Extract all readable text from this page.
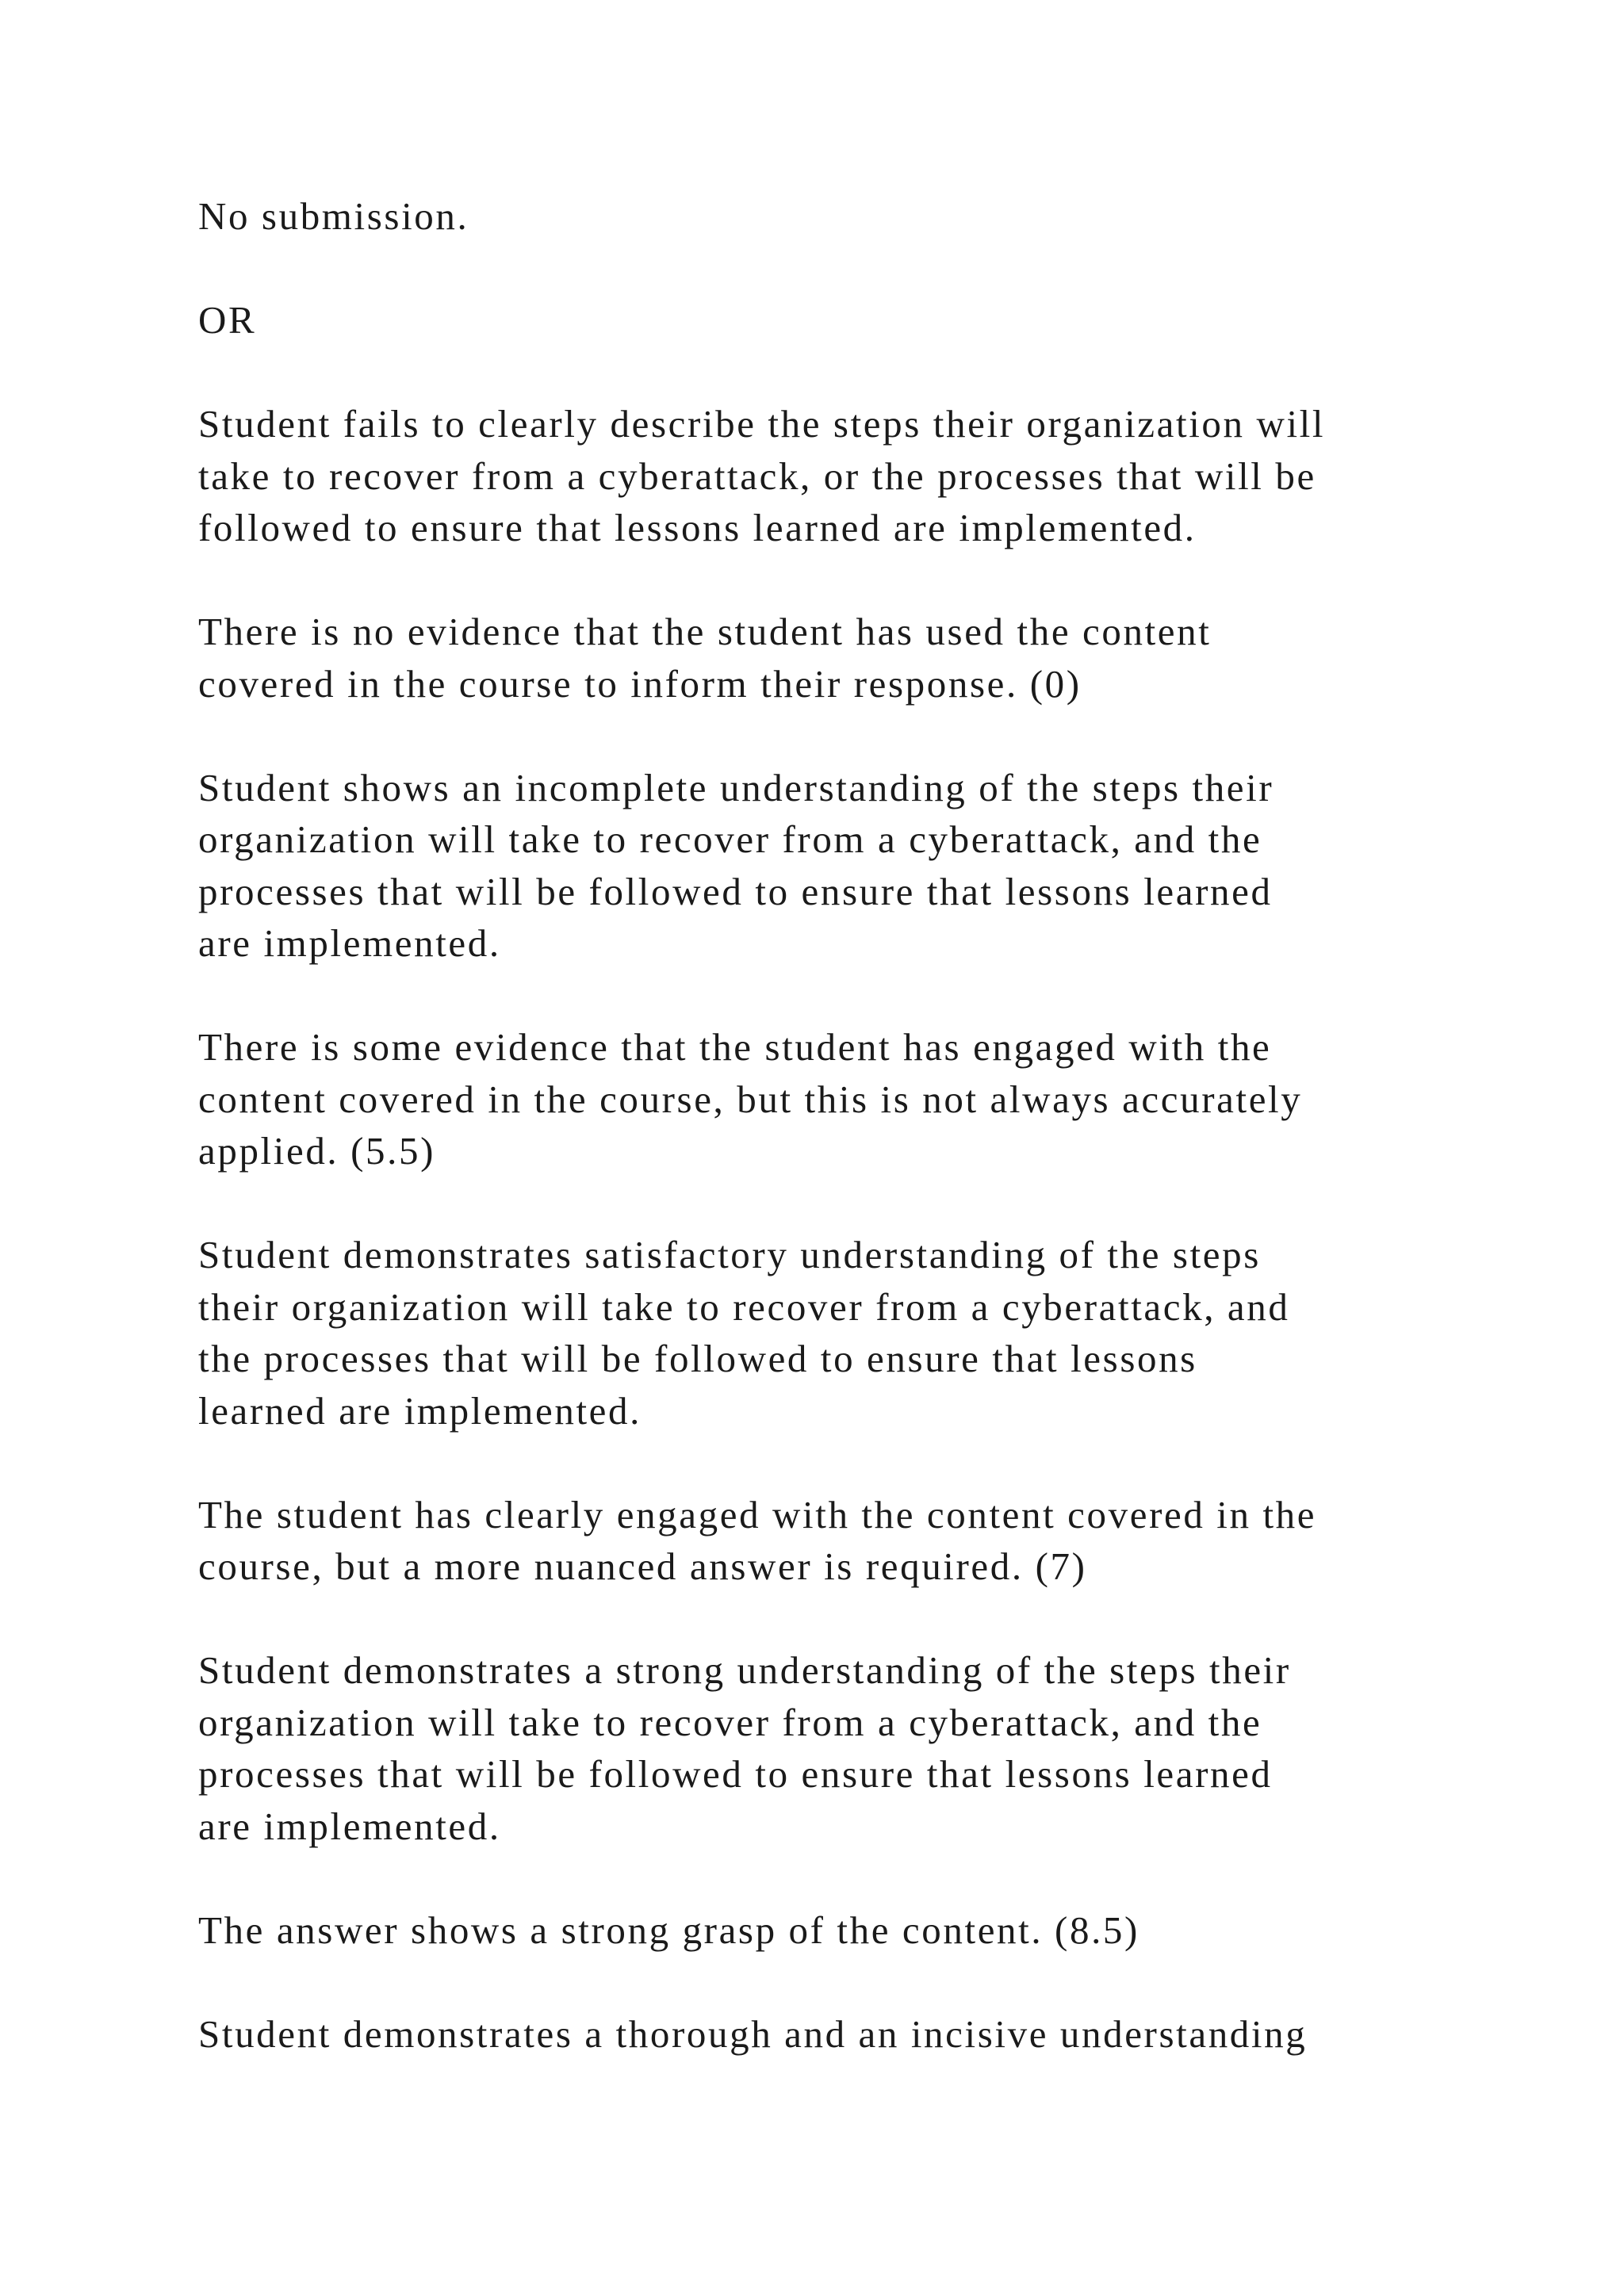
No submission.
OR
Student fails to clearly describe the steps their organization will
take to recover from a cyberattack, or the processes that will be
followed to ensure that lessons learned are implemented.
There is no evidence that the student has used the content
covered in the course to inform their response. (0)
Student shows an incomplete understanding of the steps their
organization will take to recover from a cyberattack, and the
processes that will be followed to ensure that lessons learned
are implemented.
There is some evidence that the student has engaged with the
content covered in the course, but this is not always accurately
applied. (5.5)
Student demonstrates satisfactory understanding of the steps
their organization will take to recover from a cyberattack, and
the processes that will be followed to ensure that lessons
learned are implemented.
The student has clearly engaged with the content covered in the
course, but a more nuanced answer is required. (7)
Student demonstrates a strong understanding of the steps their
organization will take to recover from a cyberattack, and the
processes that will be followed to ensure that lessons learned
are implemented.
The answer shows a strong grasp of the content. (8.5)
Student demonstrates a thorough and an incisive understanding
